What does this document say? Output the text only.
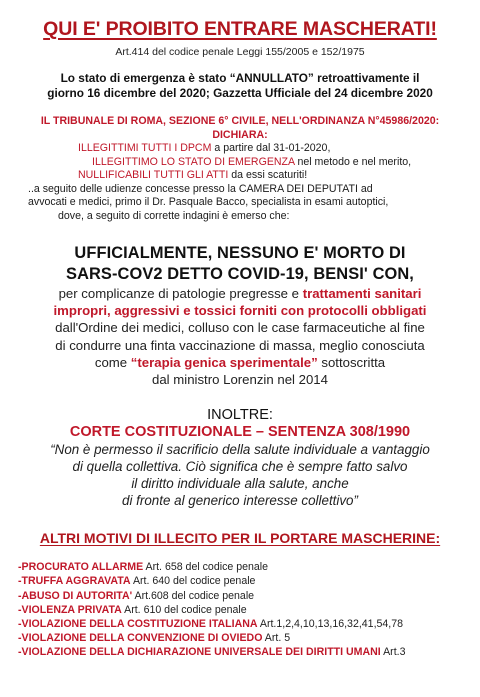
QUI E' PROIBITO ENTRARE MASCHERATI!
Art.414 del codice penale Leggi 155/2005 e 152/1975
Lo stato di emergenza è stato “ANNULLATO” retroattivamente il
giorno 16 dicembre del 2020; Gazzetta Ufficiale del 24 dicembre 2020
IL TRIBUNALE DI ROMA, SEZIONE 6° CIVILE, NELL'ORDINANZA N°45986/2020:
DICHIARA:
ILLEGITTIMI TUTTI I DPCM a partire dal 31-01-2020,
ILLEGITTIMO LO STATO DI EMERGENZA nel metodo e nel merito,
NULLIFICABILI TUTTI GLI ATTI da essi scaturiti!
..a seguito delle udienze concesse presso la CAMERA DEI DEPUTATI ad
avvocati e medici, primo il Dr. Pasquale Bacco, specialista in esami autoptici,
dove, a seguito di corrette indagini è emerso che:
UFFICIALMENTE, NESSUNO E' MORTO DI
SARS-COV2 DETTO COVID-19, BENSI' CON,
per complicanze di patologie pregresse e trattamenti sanitari
impropri, aggressivi e tossici forniti con protocolli obbligati
dall'Ordine dei medici, colluso con le case farmaceutiche al fine
di condurre una finta vaccinazione di massa, meglio conosciuta
come “terapia genica sperimentale” sottoscritta
dal ministro Lorenzin nel 2014
INOLTRE:
CORTE COSTITUZIONALE – SENTENZA 308/1990
“Non è permesso il sacrificio della salute individuale a vantaggio
di quella collettiva. Ciò significa che è sempre fatto salvo
il diritto individuale alla salute, anche
di fronte al generico interesse collettivo”
ALTRI MOTIVI DI ILLECITO PER IL PORTARE MASCHERINE:
-PROCURATO ALLARME Art. 658 del codice penale
-TRUFFA AGGRAVATA Art. 640 del codice penale
-ABUSO DI AUTORITA' Art.608 del codice penale
-VIOLENZA PRIVATA Art. 610 del codice penale
-VIOLAZIONE DELLA COSTITUZIONE ITALIANA Art.1,2,4,10,13,16,32,41,54,78
-VIOLAZIONE DELLA CONVENZIONE DI OVIEDO Art. 5
-VIOLAZIONE DELLA DICHIARAZIONE UNIVERSALE DEI DIRITTI UMANI Art.3
